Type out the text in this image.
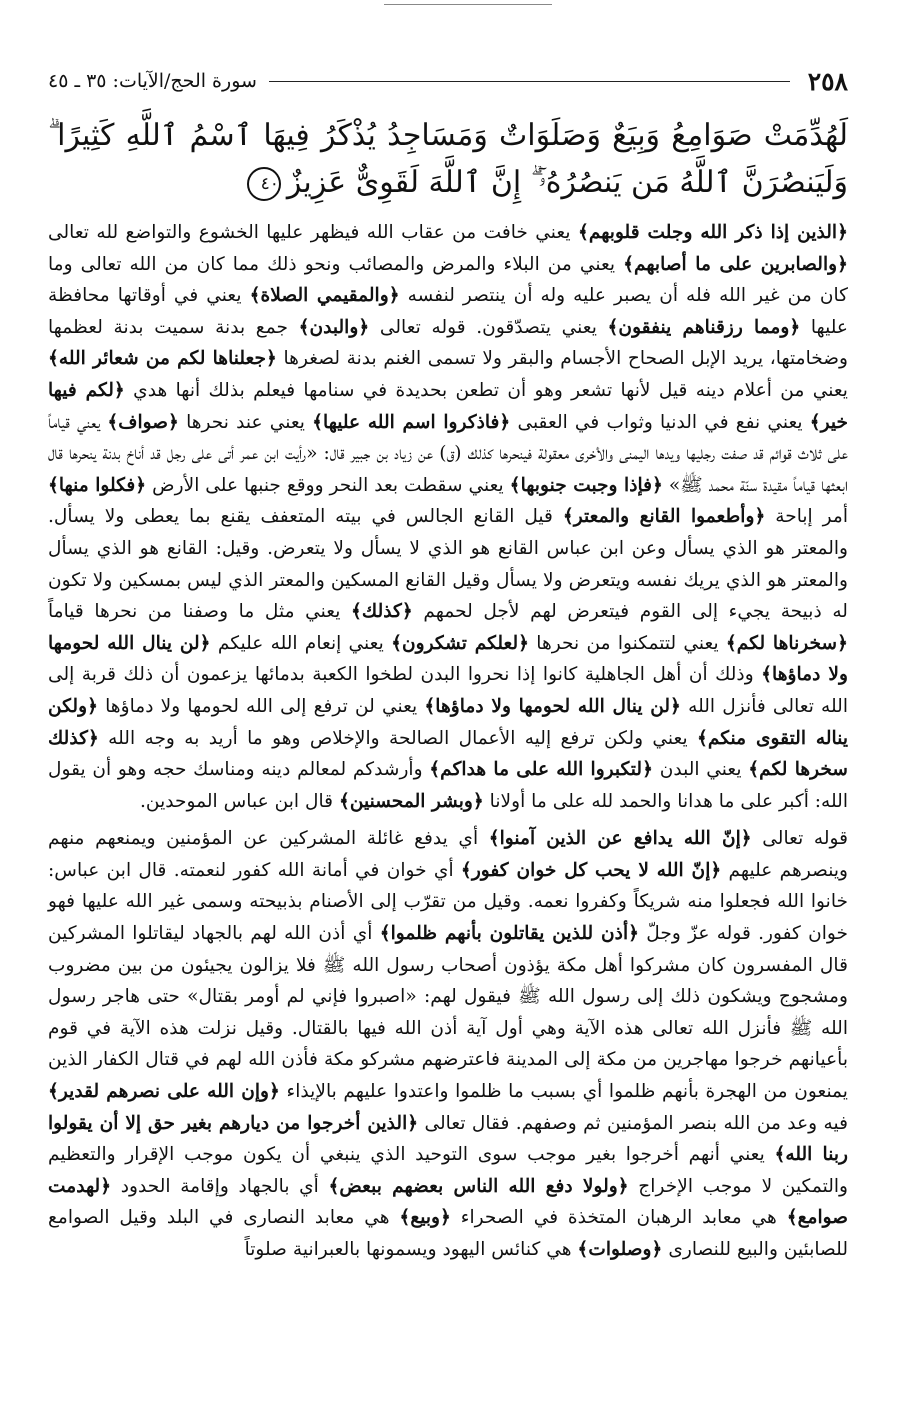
٢٥٨
سورة الحج/الآيات: ٣٥ ـ ٤٥
لَهُدِّمَتْ صَوَامِعُ وَبِيَعٌ وَصَلَوَاتٌ وَمَسَاجِدُ يُذْكَرُ فِيهَا ٱسْمُ ٱللَّهِ كَثِيرًا ۗ وَلَيَنصُرَنَّ ٱللَّهُ مَن يَنصُرُهُۥٓ ۗ إِنَّ ٱللَّهَ لَقَوِىٌّ عَزِيزٌ٤٠

﴿الذين إذا ذكر الله وجلت قلوبهم﴾ يعني خافت من عقاب الله فيظهر عليها الخشوع والتواضع لله تعالى ﴿والصابرين على ما أصابهم﴾ يعني من البلاء والمرض والمصائب ونحو ذلك مما كان من الله تعالى وما كان من غير الله فله أن يصبر عليه وله أن ينتصر لنفسه ﴿والمقيمي الصلاة﴾ يعني في أوقاتها محافظة عليها ﴿ومما رزقناهم ينفقون﴾ يعني يتصدّقون. قوله تعالى ﴿والبدن﴾ جمع بدنة سميت بدنة لعظمها وضخامتها، يريد الإبل الصحاح الأجسام والبقر ولا تسمى الغنم بدنة لصغرها ﴿جعلناها لكم من شعائر الله﴾ يعني من أعلام دينه قيل لأنها تشعر وهو أن تطعن بحديدة في سنامها فيعلم بذلك أنها هدي ﴿لكم فيها خير﴾ يعني نفع في الدنيا وثواب في العقبى ﴿فاذكروا اسم الله عليها﴾ يعني عند نحرها ﴿صواف﴾ يعني قياماً على ثلاث قوائم قد صفت رجليها ويدها اليمنى والأخرى معقولة فينحرها كذلك (ق) عن زياد بن جبير قال: «رأيت ابن عمر أتى على رجل قد أناخ بدنة ينحرها قال ابعثها قياماً مقيدة سنّة محمد ﷺ» ﴿فإذا وجبت جنوبها﴾ يعني سقطت بعد النحر ووقع جنبها على الأرض ﴿فكلوا منها﴾ أمر إباحة ﴿وأطعموا القانع والمعتر﴾ قيل القانع الجالس في بيته المتعفف يقنع بما يعطى ولا يسأل. والمعتر هو الذي يسأل وعن ابن عباس القانع هو الذي لا يسأل ولا يتعرض. وقيل: القانع هو الذي يسأل والمعتر هو الذي يريك نفسه ويتعرض ولا يسأل وقيل القانع المسكين والمعتر الذي ليس بمسكين ولا تكون له ذبيحة يجيء إلى القوم فيتعرض لهم لأجل لحمهم ﴿كذلك﴾ يعني مثل ما وصفنا من نحرها قياماً ﴿سخرناها لكم﴾ يعني لتتمكنوا من نحرها ﴿لعلكم تشكرون﴾ يعني إنعام الله عليكم ﴿لن ينال الله لحومها ولا دماؤها﴾ وذلك أن أهل الجاهلية كانوا إذا نحروا البدن لطخوا الكعبة بدمائها يزعمون أن ذلك قربة إلى الله تعالى فأنزل الله ﴿لن ينال الله لحومها ولا دماؤها﴾ يعني لن ترفع إلى الله لحومها ولا دماؤها ﴿ولكن يناله التقوى منكم﴾ يعني ولكن ترفع إليه الأعمال الصالحة والإخلاص وهو ما أريد به وجه الله ﴿كذلك سخرها لكم﴾ يعني البدن ﴿لتكبروا الله على ما هداكم﴾ وأرشدكم لمعالم دينه ومناسك حجه وهو أن يقول الله: أكبر على ما هدانا والحمد لله على ما أولانا ﴿وبشر المحسنين﴾ قال ابن عباس الموحدين.

قوله تعالى ﴿إنّ الله يدافع عن الذين آمنوا﴾ أي يدفع غائلة المشركين عن المؤمنين ويمنعهم منهم وينصرهم عليهم ﴿إنّ الله لا يحب كل خوان كفور﴾ أي خوان في أمانة الله كفور لنعمته. قال ابن عباس: خانوا الله فجعلوا منه شريكاً وكفروا نعمه. وقيل من تقرّب إلى الأصنام بذبيحته وسمى غير الله عليها فهو خوان كفور. قوله عزّ وجلّ ﴿أذن للذين يقاتلون بأنهم ظلموا﴾ أي أذن الله لهم بالجهاد ليقاتلوا المشركين قال المفسرون كان مشركوا أهل مكة يؤذون أصحاب رسول الله ﷺ فلا يزالون يجيئون من بين مضروب ومشجوج ويشكون ذلك إلى رسول الله ﷺ فيقول لهم: «اصبروا فإني لم أومر بقتال» حتى هاجر رسول الله ﷺ فأنزل الله تعالى هذه الآية وهي أول آية أذن الله فيها بالقتال. وقيل نزلت هذه الآية في قوم بأعيانهم خرجوا مهاجرين من مكة إلى المدينة فاعترضهم مشركو مكة فأذن الله لهم في قتال الكفار الذين يمنعون من الهجرة بأنهم ظلموا أي بسبب ما ظلموا واعتدوا عليهم بالإيذاء ﴿وإن الله على نصرهم لقدير﴾ فيه وعد من الله بنصر المؤمنين ثم وصفهم. فقال تعالى ﴿الذين أخرجوا من ديارهم بغير حق إلا أن يقولوا ربنا الله﴾ يعني أنهم أخرجوا بغير موجب سوى التوحيد الذي ينبغي أن يكون موجب الإقرار والتعظيم والتمكين لا موجب الإخراج ﴿ولولا دفع الله الناس بعضهم ببعض﴾ أي بالجهاد وإقامة الحدود ﴿لهدمت صوامع﴾ هي معابد الرهبان المتخذة في الصحراء ﴿وبيع﴾ هي معابد النصارى في البلد وقيل الصوامع للصابئين والبيع للنصارى ﴿وصلوات﴾ هي كنائس اليهود ويسمونها بالعبرانية صلوتاً
